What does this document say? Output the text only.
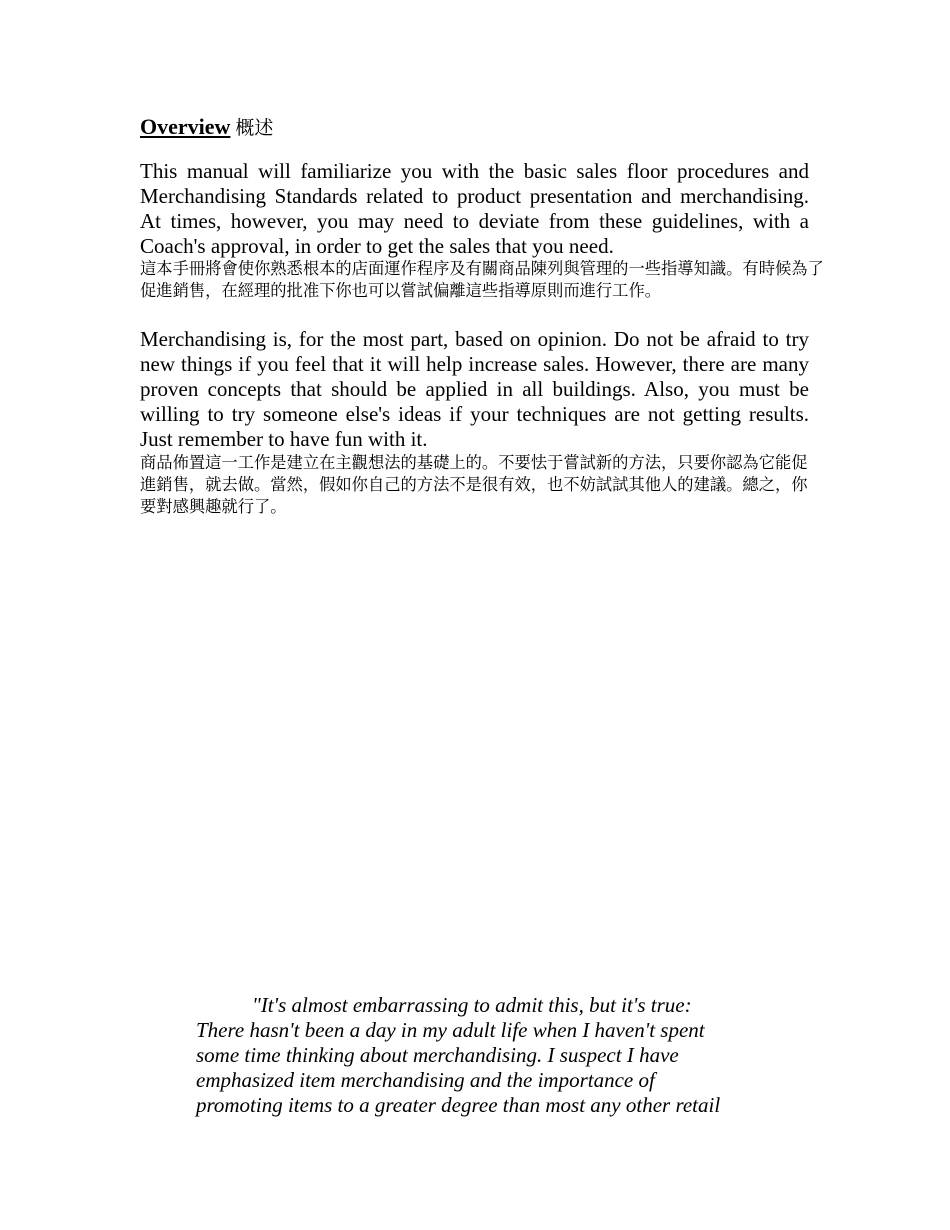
Overview 概述
This manual will familiarize you with the basic sales floor procedures and Merchandising Standards related to product presentation and merchandising. At times, however, you may need to deviate from these guidelines, with a Coach's approval, in order to get the sales that you need.
這本手冊將會使你熟悉根本的店面運作程序及有關商品陳列與管理的一些指導知識。有時候為了促進銷售，在經理的批准下你也可以嘗試偏離這些指導原則而進行工作。
Merchandising is, for the most part, based on opinion. Do not be afraid to try new things if you feel that it will help increase sales. However, there are many proven concepts that should be applied in all buildings. Also, you must be willing to try someone else's ideas if your techniques are not getting results. Just remember to have fun with it.
商品佈置這一工作是建立在主觀想法的基礎上的。不要怯于嘗試新的方法，只要你認為它能促進銷售，就去做。當然，假如你自己的方法不是很有效，也不妨試試其他人的建議。總之，你要對感興趣就行了。
"It's almost embarrassing to admit this, but it's true:
There hasn't been a day in my adult life when I haven't spent
some time thinking about merchandising. I suspect I have
emphasized item merchandising and the importance of
promoting items to a greater degree than most any other retail
